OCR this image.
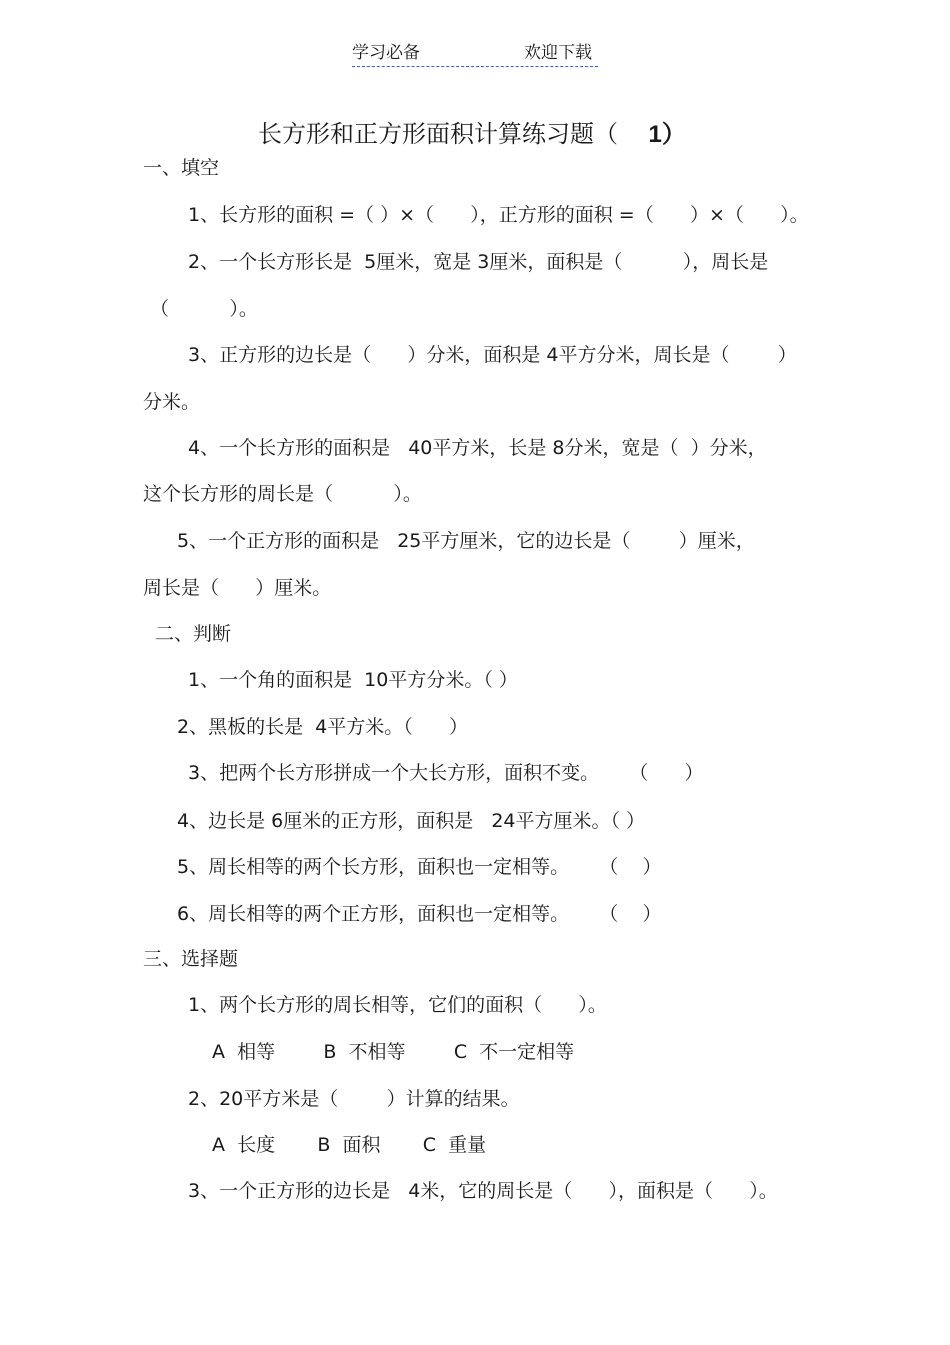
学习必备	欢迎下载
长方形和正方形面积计算练习题（    1）
一、填空
1、长方形的面积 =（ ）×（      ），正方形的面积 =（      ）×（      ）。
2、一个长方形长是  5厘米，宽是 3厘米，面积是（          ），周长是
（          ）。
3、正方形的边长是（      ）分米，面积是 4平方分米，周长是（        ）
分米。
4、一个长方形的面积是   40平方米，长是 8分米，宽是（  ）分米，
这个长方形的周长是（          ）。
5、一个正方形的面积是   25平方厘米，它的边长是（        ）厘米，
周长是（      ）厘米。
二、判断
1、一个角的面积是  10平方分米。（ ）
2、黑板的长是  4平方米。（      ）
3、把两个长方形拼成一个大长方形，面积不变。     （      ）
4、边长是 6厘米的正方形，面积是   24平方厘米。（ ）
5、周长相等的两个长方形，面积也一定相等。     （    ）
6、周长相等的两个正方形，面积也一定相等。     （    ）
三、选择题
1、两个长方形的周长相等，它们的面积（      ）。
A  相等        B  不相等        C  不一定相等
2、20平方米是（        ）计算的结果。
A  长度       B  面积       C  重量
3、一个正方形的边长是   4米，它的周长是（      ），面积是（      ）。
